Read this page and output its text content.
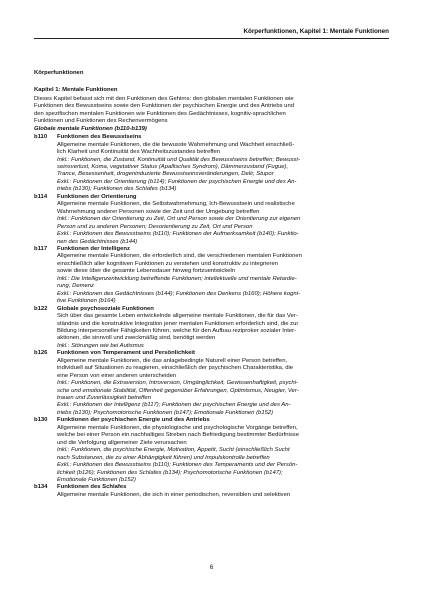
Körperfunktionen, Kapitel 1: Mentale Funktionen
Körperfunktionen
Kapitel 1: Mentale Funktionen
Dieses Kapitel befasst sich mit den Funktionen des Gehirns: den globalen mentalen Funktionen wie
Funktionen des Bewusstseins sowie den Funktionen der psychischen Energie und des Antriebs und
den spezifischen mentalen Funktionen wie Funktionen des Gedächtnisses, kognitiv-sprachlichen
Funktionen und Funktionen des Rechenvermögens
Globale mentale Funktionen (b110-b139)
b110	Funktionen des Bewusstseins
Allgemeine mentale Funktionen, die die bewusste Wahrnehmung und Wachheit einschließ-
lich Klarheit und Kontinuität des Wachheitszustandes betreffen
Inkl.: Funktionen, die Zustand, Kontinuität und Qualität des Bewusstseins betreffen; Bewusst-
seinsverlust, Koma, vegetativer Status (Apallisches Syndrom), Dämmerzustand (Fugue),
Trance, Besessenheit, drogeninduzierte Bewusstseinsveränderungen, Delir, Stupor
Exkl.: Funktionen der Orientierung (b114); Funktionen der psychischen Energie und des An-
triebs (b130); Funktionen des Schlafes (b134)
b114	Funktionen der Orientierung
Allgemeine mentale Funktionen, die Selbstwahrnehmung, Ich-Bewusstsein und realistische
Wahrnehmung anderer Personen sowie der Zeit und der Umgebung betreffen
Inkl.: Funktionen der Orientierung zu Zeit, Ort und Person sowie der Orientierung zur eigenen
Person und zu anderen Personen; Desorientierung zu Zeit, Ort und Person
Exkl.: Funktionen des Bewusstseins (b110); Funktionen der Aufmerksamkeit (b140); Funktio-
nen des Gedächtnisses (b144)
b117	Funktionen der Intelligenz
Allgemeine mentale Funktionen, die erforderlich sind, die verschiedenen mentalen Funktionen
einschließlich aller kognitiven Funktionen zu verstehen und konstruktiv zu integrieren
sowie diese über die gesamte Lebensdauer hinweg fortzuentwickeln
Inkl.: Die Intelligenzentwicklung betreffende Funktionen; intellektuelle und mentale Retardie-
rung, Demenz
Exkl.: Funktionen des Gedächtnisses (b144); Funktionen des Denkens (b160); Höhere kogni-
tive Funktionen (b164)
b122	Globale psychosoziale Funktionen
Sich über das gesamte Leben entwickelnde allgemeine mentale Funktionen, die für das Ver-
ständnis und die konstruktive Integration jener mentalen Funktionen erforderlich sind, die zur
Bildung interpersoneller Fähigkeiten führen, welche für den Aufbau reziproker sozialer Inter-
aktionen, die sinnvoll und zweckmäßig sind, benötigt werden
Inkl.: Störungen wie bei Autismus
b126	Funktionen von Temperament und Persönlichkeit
Allgemeine mentale Funktionen, die das anlagebedingte Naturell einer Person betreffen,
individuell auf Situationen zu reagieren, einschließlich der psychischen Charakteristika, die
eine Person von einer anderen unterscheiden
Inkl.: Funktionen, die Extraversion, Introversion, Umgänglichkeit, Gewissenhaftigkeit, psychi-
sche und emotionale Stabilität, Offenheit gegenüber Erfahrungen, Optimismus, Neugier, Ver-
trauen und Zuverlässigkeit betreffen
Exkl.: Funktionen der Intelligenz (b117); Funktionen der psychischen Energie und des An-
triebs (b130); Psychomotorische Funktionen (b147); Emotionale Funktionen (b152)
b130	Funktionen der psychischen Energie und des Antriebs
Allgemeine mentale Funktionen, die physiologische und psychologische Vorgänge betreffen,
welche bei einer Person ein nachhaltiges Streben nach Befriedigung bestimmter Bedürfnisse
und die Verfolgung allgemeiner Ziele verursachen
Inkl.: Funktionen, die psychische Energie, Motivation, Appetit, Sucht (einschließlich Sucht
nach Substanzen, die zu einer Abhängigkeit führen) und Impulskontrolle betreffen
Exkl.: Funktionen des Bewusstseins (b110); Funktionen des Temperaments und der Persön-
lichkeit (b126); Funktionen des Schlafes (b134); Psychomotorische Funktionen (b147);
Emotionale Funktionen (b152)
b134	Funktionen des Schlafes
Allgemeine mentale Funktionen, die sich in einer periodischen, reversiblen und selektiven
6
